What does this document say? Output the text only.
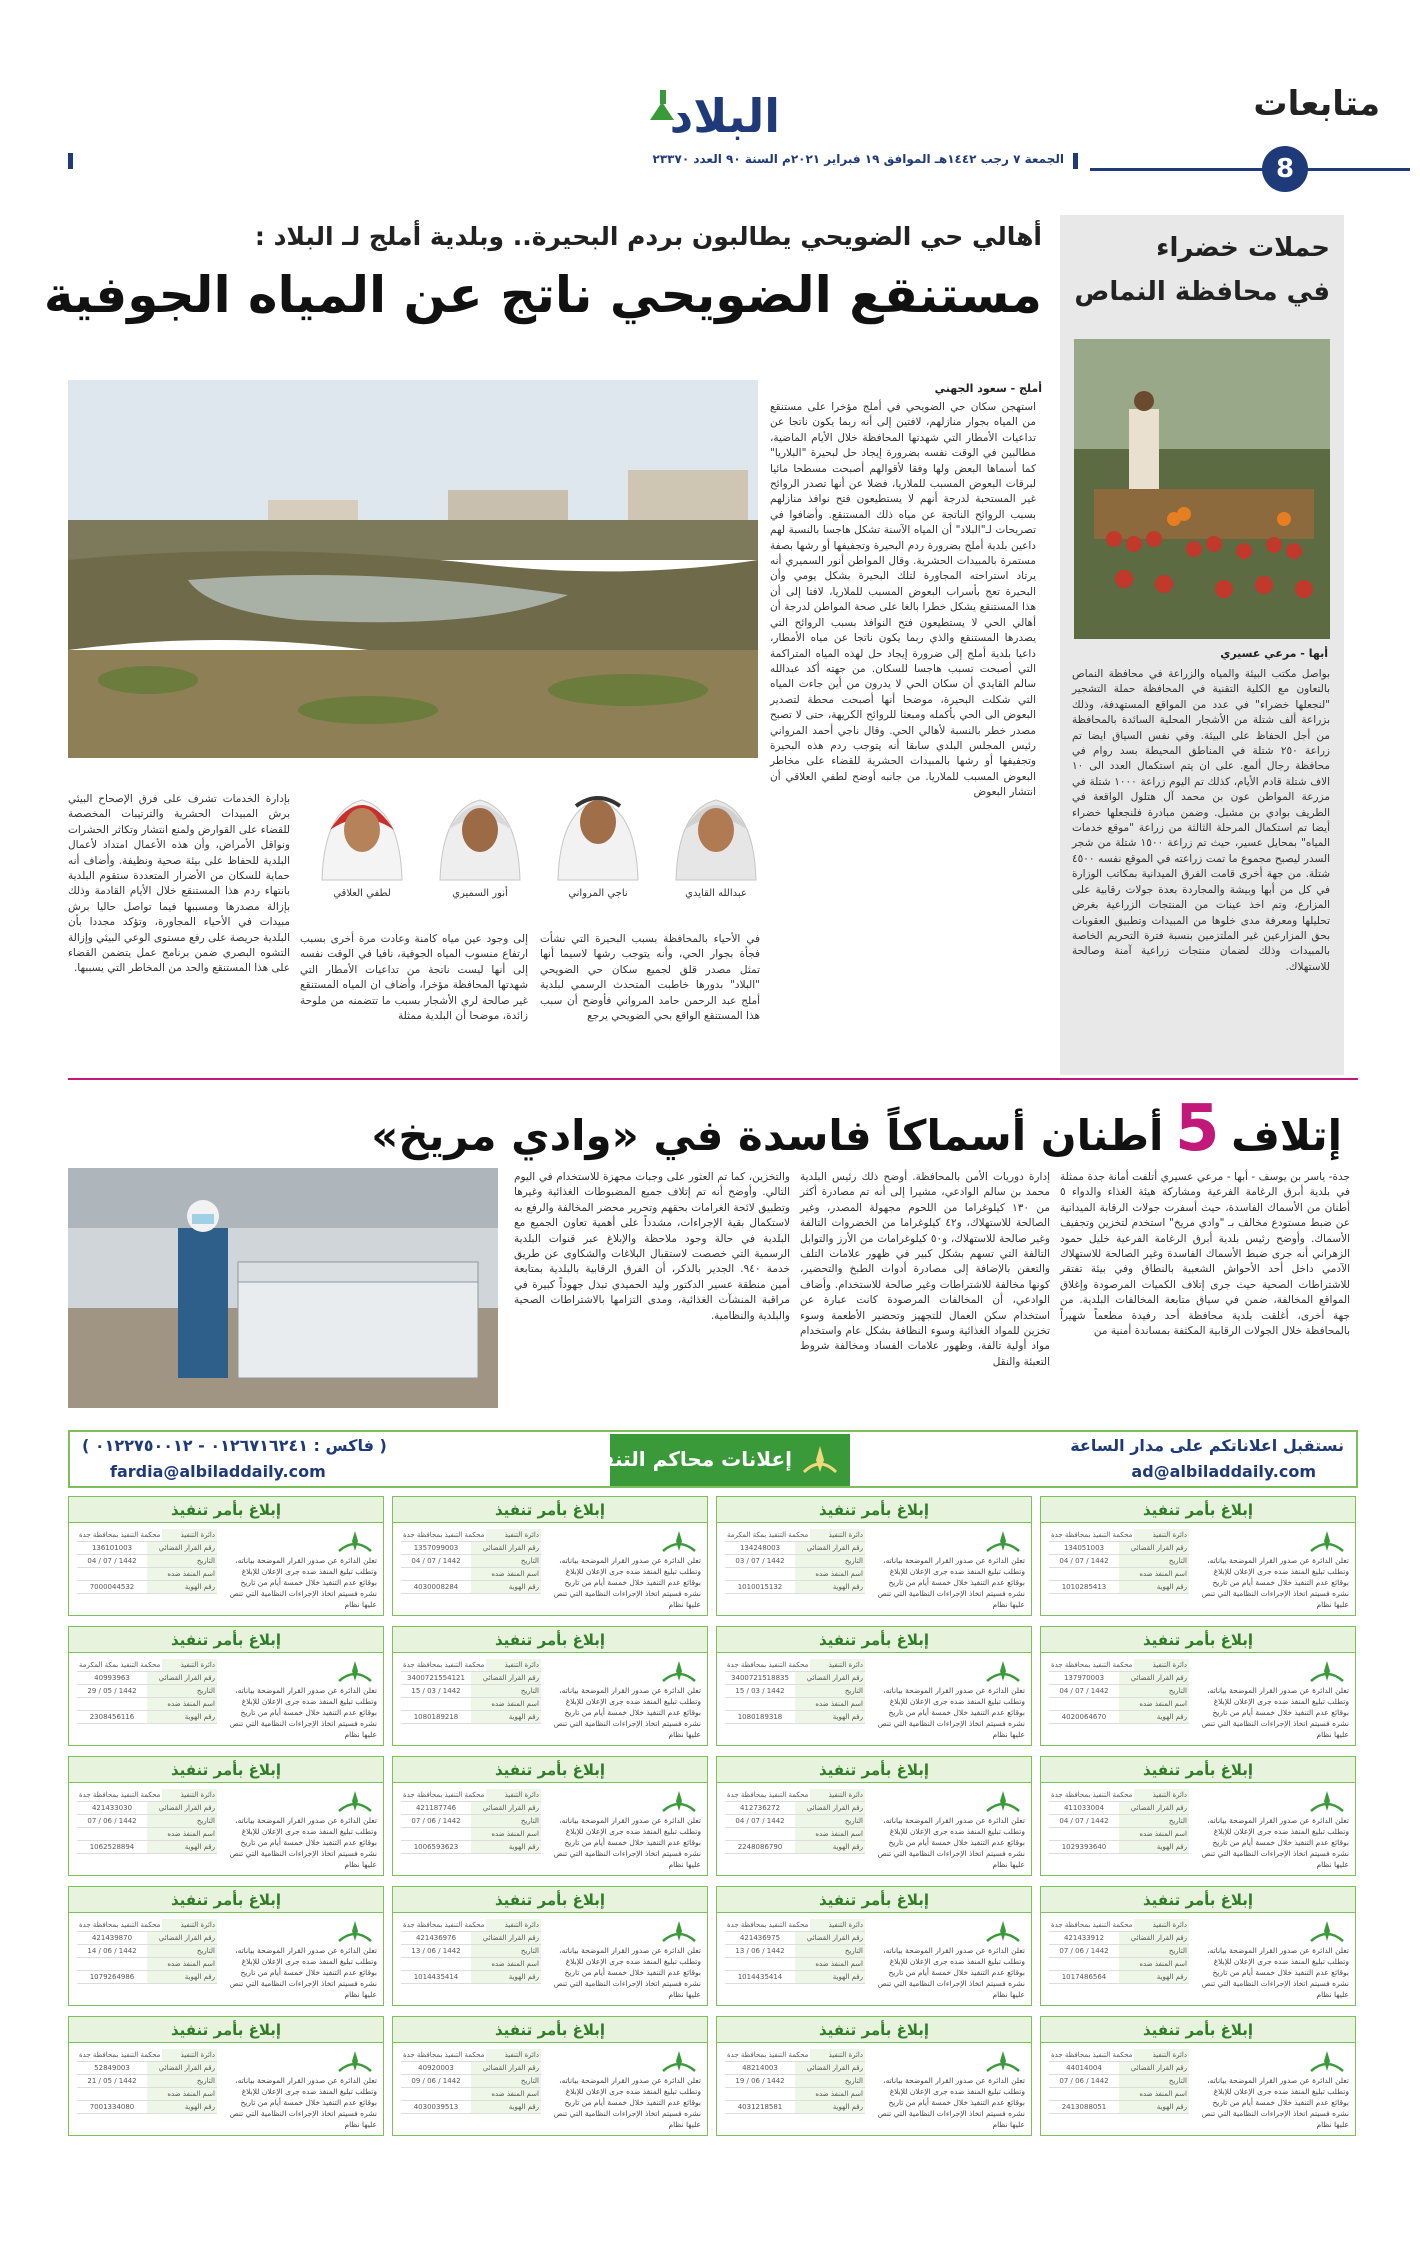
البلاد
الجمعة ٧ رجب ١٤٤٢هـ الموافق ١٩ فبراير ٢٠٢١م السنة ٩٠ العدد ٢٣٣٧٠
متابعات
8
حملات خضراء
في محافظة النماص
أبها - مرعي عسيري
بواصل مكتب البيئة والمياه والزراعة في محافظة النماص بالتعاون مع الكلية التقنية في المحافظة حملة التشجير "لنجعلها خضراء" في عدد من المواقع المستهدفة، وذلك بزراعة ألف شتلة من الأشجار المحلية السائدة بالمحافظة من أجل الحفاظ على البيئة. وفي نفس السياق ايضا تم زراعة ٢٥٠ شتلة في المناطق المحيطة بسد روام في محافظة رجال ألمع. على ان يتم استكمال العدد الى ١٠ الاف شتلة قادم الأيام، كذلك تم اليوم زراعة ١٠٠٠ شتلة في مزرعة المواطن عون بن محمد آل هتلول الواقعة في الطريف بوادي بن مشبل. وضمن مبادرة فلنجعلها خضراء أيضا تم استكمال المرحلة الثالثة من زراعة "موقع خدمات المياه" بمحايل عسير، حيث تم زراعة ١٥٠٠ شتلة من شجر السدر ليصبح مجموع ما تمت زراعته في الموقع نفسه ٤٥٠٠ شتلة. من جهة أخرى قامت الفرق الميدانية بمكاتب الوزارة في كل من أبها وبيشة والمجاردة بعدة جولات رقابية على المزارع، وتم اخذ عينات من المنتجات الزراعية بغرض تحليلها ومعرفة مدى خلوها من المبيدات وتطبيق العقوبات بحق المزارعين غير الملتزمين بنسبة فترة التحريم الخاصة بالمبيدات وذلك لضمان منتجات زراعية آمنة وصالحة للاستهلاك.
أهالي حي الضويحي يطالبون بردم البحيرة.. وبلدية أملج لـ البلاد :
مستنقع الضويحي ناتج عن المياه الجوفية
أملج - سعود الجهني
استهجن سكان حي الضويحي في أملج مؤخرا على مستنقع من المياه بجوار منازلهم، لافتين إلى أنه ربما يكون ناتجا عن تداعيات الأمطار التي شهدتها المحافظة خلال الأيام الماضية، مطالبين في الوقت نفسه بضرورة إيجاد حل لبحيرة "البلاريا" كما أسماها البعض ولها وفقا لأقوالهم أصبحت مسطحا مائيا لبرقات البعوض المسبب للملاريا، فضلا عن أنها تصدر الروائح غير المستحبة لدرجة أنهم لا يستطيعون فتح نوافذ منازلهم بسبب الروائح الناتجة عن مياه ذلك المستنقع. وأضافوا في تصريحات لـ"البلاد" أن المياه الآسنة تشكل هاجسا بالنسبة لهم داعين بلدية أملج بضرورة ردم البحيرة وتجفيفها أو رشها بصفة مستمرة بالمبيدات الحشرية. وقال المواطن أنور السميري أنه يرتاد استراحته المجاورة لتلك البحيرة بشكل يومي وأن البحيرة تعج بأسراب البعوض المسبب للملاريا، لافتا إلى أن هذا المستنقع يشكل خطرا بالغا على صحة المواطن لدرجة أن أهالي الحي لا يستطيعون فتح النوافذ بسبب الروائح التي يصدرها المستنقع والذي ربما يكون ناتجا عن مياه الأمطار، داعيا بلدية أملج إلى ضرورة إيجاد حل لهذه المياه المتراكمة التي أصبحت تسبب هاجسا للسكان. من جهته أكد عبدالله سالم القايدي أن سكان الحي لا يدرون من أين جاءت المياه التي شكلت البحيرة، موضحا أنها أصبحت محطة لتصدير البعوض الى الحي بأكمله ومبعثا للروائح الكريهة، حتى لا تصبح مصدر خطر بالنسبة لأهالي الحي. وقال ناجي أحمد المرواني رئيس المجلس البلدي سابقا أنه يتوجب ردم هذه البحيرة وتجفيفها أو رشها بالمبيدات الحشرية للقضاء على مخاطر البعوض المسبب للملاريا. من جانبه أوضح لطفي العلاقي أن انتشار البعوض
عبدالله القايدي
ناجي المرواني
أنور السميري
لطفي العلاقي
في الأحياء بالمحافظة بسبب البحيرة التي نشأت فجأة بجوار الحي، وأنه يتوجب رشها لاسيما أنها تمثل مصدر قلق لجميع سكان حي الضويحي "البلاد" بدورها خاطبت المتحدث الرسمي لبلدية أملج عبد الرحمن حامد المرواني فأوضح أن سبب هذا المستنقع الواقع بحي الضويحي يرجع
إلى وجود عين مياه كامنة وعادت مرة أخرى بسبب ارتفاع منسوب المياه الجوفية، نافيا في الوقت نفسه إلى أنها ليست ناتجة من تداعيات الأمطار التي شهدتها المحافظة مؤخرا، وأضاف ان المياه المستنقع غير صالحة لري الأشجار بسبب ما تتضمنه من ملوحة زائدة، موضحا أن البلدية ممثلة
بإدارة الخدمات تشرف على فرق الإصحاح البيئي برش المبيدات الحشرية والترتيبات المخصصة للقضاء على القوارض ولمنع انتشار وتكاثر الحشرات ونواقل الأمراض، وأن هذه الأعمال امتداد لأعمال البلدية للحفاظ على بيئة صحية ونظيفة. وأضاف أنه حماية للسكان من الأضرار المتعددة ستقوم البلدية بانتهاء ردم هذا المستنقع خلال الأيام القادمة وذلك بإزالة مصدرها ومسببها فيما تواصل حاليا برش مبيدات في الأحياء المجاورة، وتؤكد مجددا بأن البلدية حريصة على رفع مستوى الوعي البيئي وإزالة التشوه البصري ضمن برنامج عمل يتضمن القضاء على هذا المستنقع والحد من المخاطر التي يسببها.
إتلاف 5 أطنان أسماكاً فاسدة في «وادي مريخ»
جدة- ياسر بن يوسف - أبها - مرعي عسيري أتلفت أمانة جدة ممثلة في بلدية أبرق الرغامة الفرعية ومشاركة هيئة الغذاء والدواء ٥ أطنان من الأسماك الفاسدة، حيث أسفرت جولات الرقابة الميدانية عن ضبط مستودع مخالف بـ "وادي مريخ" استخدم لتخزين وتجفيف الأسماك. وأوضح رئيس بلدية أبرق الرغامة الفرعية خليل حمود الزهراني أنه جرى ضبط الأسماك الفاسدة وغير الصالحة للاستهلاك الآدمي داخل أحد الأحواش الشعبية بالنطاق وفي بيئة تفتقر للاشتراطات الصحية حيث جرى إتلاف الكميات المرصودة وإغلاق المواقع المخالفة، ضمن في سياق متابعة المخالفات البلدية. من جهة أخرى، أغلقت بلدية محافظة أحد رفيدة مطعماً شهيراً بالمحافظة خلال الجولات الرقابية المكثفة بمساندة أمنية من
إدارة دوريات الأمن بالمحافظة. أوضح ذلك رئيس البلدية محمد بن سالم الوادعي، مشيرا إلى أنه تم مصادرة أكثر من ١٣٠ كيلوغراما من اللحوم مجهولة المصدر، وغير الصالحة للاستهلاك، و٤٢ كيلوغراما من الخضروات التالفة وغير صالحة للاستهلاك، و٥٠ كيلوغرامات من الأرز والتوابل التالفة التي تسهم بشكل كبير في ظهور علامات التلف والتعفن بالإضافة إلى مصادرة أدوات الطبخ والتحضير، كونها مخالفة للاشتراطات وغير صالحة للاستخدام. وأضاف الوادعي، أن المخالفات المرصودة كانت عبارة عن استخدام سكن العمال للتجهيز وتحضير الأطعمة وسوء تخزين للمواد الغذائية وسوء النظافة بشكل عام واستخدام مواد أولية تالفة، وظهور علامات الفساد ومخالفة شروط التعبئة والنقل
والتخزين، كما تم العثور على وجبات مجهزة للاستخدام في اليوم التالي. وأوضح أنه تم إتلاف جميع المضبوطات الغذائية وغيرها وتطبيق لائحة الغرامات بحقهم وتحرير محضر المخالفة والرفع به لاستكمال بقية الإجراءات، مشدداً على أهمية تعاون الجميع مع البلدية في حالة وجود ملاحظة والإبلاغ عبر قنوات البلدية الرسمية التي خصصت لاستقبال البلاغات والشكاوى عن طريق خدمة ٩٤٠. الجدير بالذكر، أن الفرق الرقابية بالبلدية بمتابعة أمين منطقة عسير الدكتور وليد الحميدي تبذل جهوداً كبيرة في مراقبة المنشآت الغذائية، ومدى التزامها بالاشتراطات الصحية والبلدية والنظامية.
( فاكس : ٠١٢٦٧١٦٢٤١ - ٠١٢٢٧٥٠٠١٢ )
fardia@albiladdaily.com
إعلانات محاكم التنفيذ
نستقبل اعلاناتكم على مدار الساعة
ad@albiladdaily.com
إبلاغ بأمر تنفيذ
تعلن الدائرة عن صدور القرار الموضحة بياناته، وتطلب تبليغ المنفذ ضده جرى الإعلان للإبلاغ بوقائع عدم التنفيذ خلال خمسة أيام من تاريخ نشره فسيتم اتخاذ الإجراءات النظامية التي تنص عليها نظام
دائرة التنفيذ
محكمة التنفيذ بمحافظة جدة
رقم القرار القضائي
134051003
التاريخ
04 / 07 / 1442
اسم المنفذ ضده
رقم الهوية
1010285413
إبلاغ بأمر تنفيذ
تعلن الدائرة عن صدور القرار الموضحة بياناته، وتطلب تبليغ المنفذ ضده جرى الإعلان للإبلاغ بوقائع عدم التنفيذ خلال خمسة أيام من تاريخ نشره فسيتم اتخاذ الإجراءات النظامية التي تنص عليها نظام
دائرة التنفيذ
محكمة التنفيذ بمكة المكرمة
رقم القرار القضائي
134248003
التاريخ
03 / 07 / 1442
اسم المنفذ ضده
رقم الهوية
1010015132
إبلاغ بأمر تنفيذ
تعلن الدائرة عن صدور القرار الموضحة بياناته، وتطلب تبليغ المنفذ ضده جرى الإعلان للإبلاغ بوقائع عدم التنفيذ خلال خمسة أيام من تاريخ نشره فسيتم اتخاذ الإجراءات النظامية التي تنص عليها نظام
دائرة التنفيذ
محكمة التنفيذ بمحافظة جدة
رقم القرار القضائي
1357099003
التاريخ
04 / 07 / 1442
اسم المنفذ ضده
رقم الهوية
4030008284
إبلاغ بأمر تنفيذ
تعلن الدائرة عن صدور القرار الموضحة بياناته، وتطلب تبليغ المنفذ ضده جرى الإعلان للإبلاغ بوقائع عدم التنفيذ خلال خمسة أيام من تاريخ نشره فسيتم اتخاذ الإجراءات النظامية التي تنص عليها نظام
دائرة التنفيذ
محكمة التنفيذ بمحافظة جدة
رقم القرار القضائي
136101003
التاريخ
04 / 07 / 1442
اسم المنفذ ضده
رقم الهوية
7000044532
إبلاغ بأمر تنفيذ
تعلن الدائرة عن صدور القرار الموضحة بياناته، وتطلب تبليغ المنفذ ضده جرى الإعلان للإبلاغ بوقائع عدم التنفيذ خلال خمسة أيام من تاريخ نشره فسيتم اتخاذ الإجراءات النظامية التي تنص عليها نظام
دائرة التنفيذ
محكمة التنفيذ بمحافظة جدة
رقم القرار القضائي
137970003
التاريخ
04 / 07 / 1442
اسم المنفذ ضده
رقم الهوية
4020064670
إبلاغ بأمر تنفيذ
تعلن الدائرة عن صدور القرار الموضحة بياناته، وتطلب تبليغ المنفذ ضده جرى الإعلان للإبلاغ بوقائع عدم التنفيذ خلال خمسة أيام من تاريخ نشره فسيتم اتخاذ الإجراءات النظامية التي تنص عليها نظام
دائرة التنفيذ
محكمة التنفيذ بمحافظة جدة
رقم القرار القضائي
3400721518835
التاريخ
15 / 03 / 1442
اسم المنفذ ضده
رقم الهوية
1080189318
إبلاغ بأمر تنفيذ
تعلن الدائرة عن صدور القرار الموضحة بياناته، وتطلب تبليغ المنفذ ضده جرى الإعلان للإبلاغ بوقائع عدم التنفيذ خلال خمسة أيام من تاريخ نشره فسيتم اتخاذ الإجراءات النظامية التي تنص عليها نظام
دائرة التنفيذ
محكمة التنفيذ بمحافظة جدة
رقم القرار القضائي
3400721554121
التاريخ
15 / 03 / 1442
اسم المنفذ ضده
رقم الهوية
1080189218
إبلاغ بأمر تنفيذ
تعلن الدائرة عن صدور القرار الموضحة بياناته، وتطلب تبليغ المنفذ ضده جرى الإعلان للإبلاغ بوقائع عدم التنفيذ خلال خمسة أيام من تاريخ نشره فسيتم اتخاذ الإجراءات النظامية التي تنص عليها نظام
دائرة التنفيذ
محكمة التنفيذ بمكة المكرمة
رقم القرار القضائي
40993963
التاريخ
29 / 05 / 1442
اسم المنفذ ضده
رقم الهوية
2308456116
إبلاغ بأمر تنفيذ
تعلن الدائرة عن صدور القرار الموضحة بياناته، وتطلب تبليغ المنفذ ضده جرى الإعلان للإبلاغ بوقائع عدم التنفيذ خلال خمسة أيام من تاريخ نشره فسيتم اتخاذ الإجراءات النظامية التي تنص عليها نظام
دائرة التنفيذ
محكمة التنفيذ بمحافظة جدة
رقم القرار القضائي
411033004
التاريخ
04 / 07 / 1442
اسم المنفذ ضده
رقم الهوية
1029393640
إبلاغ بأمر تنفيذ
تعلن الدائرة عن صدور القرار الموضحة بياناته، وتطلب تبليغ المنفذ ضده جرى الإعلان للإبلاغ بوقائع عدم التنفيذ خلال خمسة أيام من تاريخ نشره فسيتم اتخاذ الإجراءات النظامية التي تنص عليها نظام
دائرة التنفيذ
محكمة التنفيذ بمحافظة جدة
رقم القرار القضائي
412736272
التاريخ
04 / 07 / 1442
اسم المنفذ ضده
رقم الهوية
2248086790
إبلاغ بأمر تنفيذ
تعلن الدائرة عن صدور القرار الموضحة بياناته، وتطلب تبليغ المنفذ ضده جرى الإعلان للإبلاغ بوقائع عدم التنفيذ خلال خمسة أيام من تاريخ نشره فسيتم اتخاذ الإجراءات النظامية التي تنص عليها نظام
دائرة التنفيذ
محكمة التنفيذ بمحافظة جدة
رقم القرار القضائي
421187746
التاريخ
07 / 06 / 1442
اسم المنفذ ضده
رقم الهوية
1006593623
إبلاغ بأمر تنفيذ
تعلن الدائرة عن صدور القرار الموضحة بياناته، وتطلب تبليغ المنفذ ضده جرى الإعلان للإبلاغ بوقائع عدم التنفيذ خلال خمسة أيام من تاريخ نشره فسيتم اتخاذ الإجراءات النظامية التي تنص عليها نظام
دائرة التنفيذ
محكمة التنفيذ بمحافظة جدة
رقم القرار القضائي
421433030
التاريخ
07 / 06 / 1442
اسم المنفذ ضده
رقم الهوية
1062528894
إبلاغ بأمر تنفيذ
تعلن الدائرة عن صدور القرار الموضحة بياناته، وتطلب تبليغ المنفذ ضده جرى الإعلان للإبلاغ بوقائع عدم التنفيذ خلال خمسة أيام من تاريخ نشره فسيتم اتخاذ الإجراءات النظامية التي تنص عليها نظام
دائرة التنفيذ
محكمة التنفيذ بمحافظة جدة
رقم القرار القضائي
421433912
التاريخ
07 / 06 / 1442
اسم المنفذ ضده
رقم الهوية
1017486564
إبلاغ بأمر تنفيذ
تعلن الدائرة عن صدور القرار الموضحة بياناته، وتطلب تبليغ المنفذ ضده جرى الإعلان للإبلاغ بوقائع عدم التنفيذ خلال خمسة أيام من تاريخ نشره فسيتم اتخاذ الإجراءات النظامية التي تنص عليها نظام
دائرة التنفيذ
محكمة التنفيذ بمحافظة جدة
رقم القرار القضائي
421436975
التاريخ
13 / 06 / 1442
اسم المنفذ ضده
رقم الهوية
1014435414
إبلاغ بأمر تنفيذ
تعلن الدائرة عن صدور القرار الموضحة بياناته، وتطلب تبليغ المنفذ ضده جرى الإعلان للإبلاغ بوقائع عدم التنفيذ خلال خمسة أيام من تاريخ نشره فسيتم اتخاذ الإجراءات النظامية التي تنص عليها نظام
دائرة التنفيذ
محكمة التنفيذ بمحافظة جدة
رقم القرار القضائي
421436976
التاريخ
13 / 06 / 1442
اسم المنفذ ضده
رقم الهوية
1014435414
إبلاغ بأمر تنفيذ
تعلن الدائرة عن صدور القرار الموضحة بياناته، وتطلب تبليغ المنفذ ضده جرى الإعلان للإبلاغ بوقائع عدم التنفيذ خلال خمسة أيام من تاريخ نشره فسيتم اتخاذ الإجراءات النظامية التي تنص عليها نظام
دائرة التنفيذ
محكمة التنفيذ بمحافظة جدة
رقم القرار القضائي
421439870
التاريخ
14 / 06 / 1442
اسم المنفذ ضده
رقم الهوية
1079264986
إبلاغ بأمر تنفيذ
تعلن الدائرة عن صدور القرار الموضحة بياناته، وتطلب تبليغ المنفذ ضده جرى الإعلان للإبلاغ بوقائع عدم التنفيذ خلال خمسة أيام من تاريخ نشره فسيتم اتخاذ الإجراءات النظامية التي تنص عليها نظام
دائرة التنفيذ
محكمة التنفيذ بمحافظة جدة
رقم القرار القضائي
44014004
التاريخ
07 / 06 / 1442
اسم المنفذ ضده
رقم الهوية
2413088051
إبلاغ بأمر تنفيذ
تعلن الدائرة عن صدور القرار الموضحة بياناته، وتطلب تبليغ المنفذ ضده جرى الإعلان للإبلاغ بوقائع عدم التنفيذ خلال خمسة أيام من تاريخ نشره فسيتم اتخاذ الإجراءات النظامية التي تنص عليها نظام
دائرة التنفيذ
محكمة التنفيذ بمحافظة جدة
رقم القرار القضائي
48214003
التاريخ
19 / 06 / 1442
اسم المنفذ ضده
رقم الهوية
4031218581
إبلاغ بأمر تنفيذ
تعلن الدائرة عن صدور القرار الموضحة بياناته، وتطلب تبليغ المنفذ ضده جرى الإعلان للإبلاغ بوقائع عدم التنفيذ خلال خمسة أيام من تاريخ نشره فسيتم اتخاذ الإجراءات النظامية التي تنص عليها نظام
دائرة التنفيذ
محكمة التنفيذ بمحافظة جدة
رقم القرار القضائي
40920003
التاريخ
09 / 06 / 1442
اسم المنفذ ضده
رقم الهوية
4030039513
إبلاغ بأمر تنفيذ
تعلن الدائرة عن صدور القرار الموضحة بياناته، وتطلب تبليغ المنفذ ضده جرى الإعلان للإبلاغ بوقائع عدم التنفيذ خلال خمسة أيام من تاريخ نشره فسيتم اتخاذ الإجراءات النظامية التي تنص عليها نظام
دائرة التنفيذ
محكمة التنفيذ بمحافظة جدة
رقم القرار القضائي
52849003
التاريخ
21 / 05 / 1442
اسم المنفذ ضده
رقم الهوية
7001334080
